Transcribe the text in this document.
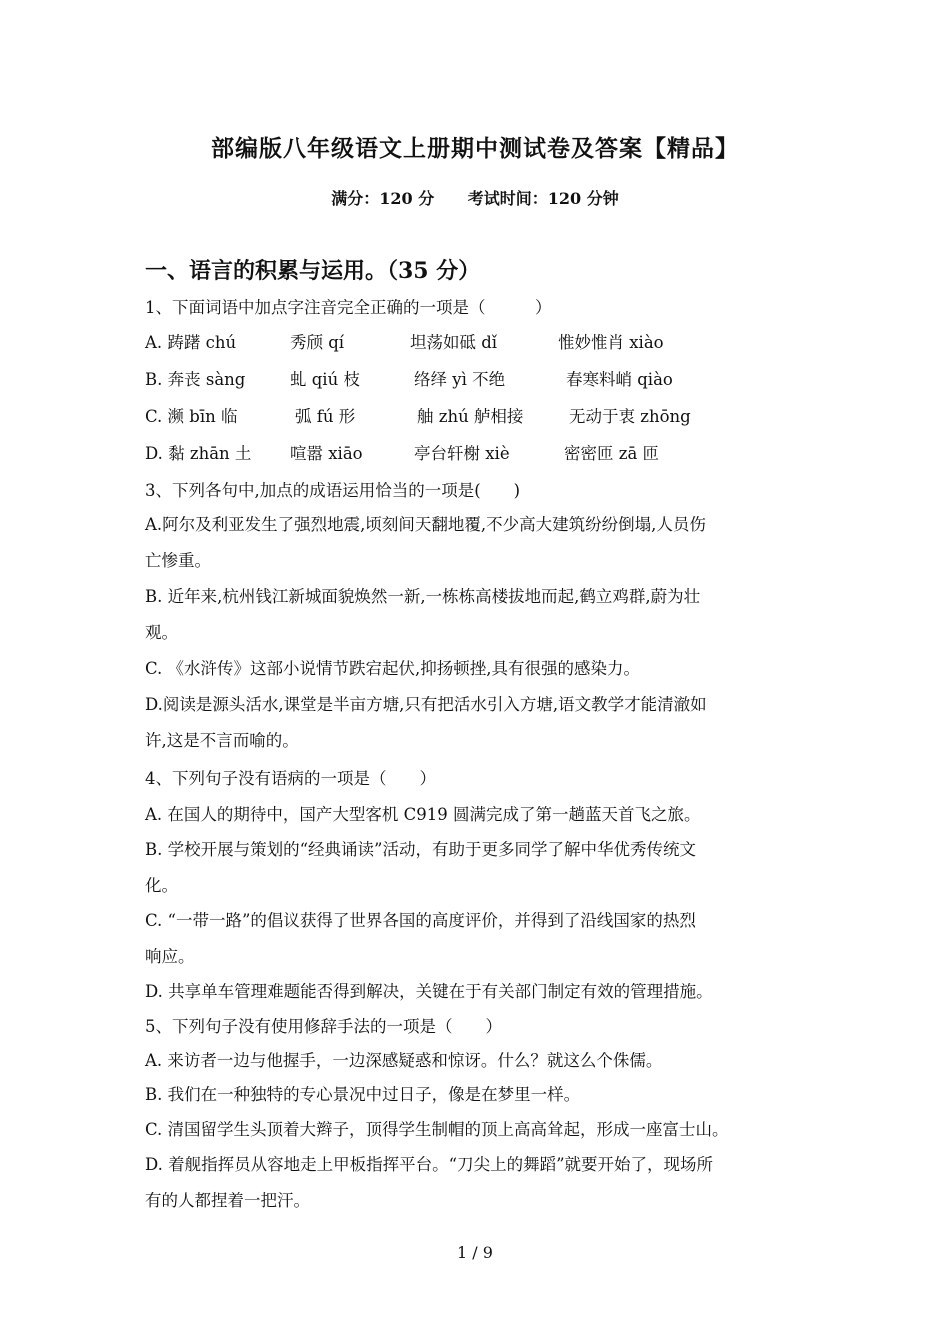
部编版八年级语文上册期中测试卷及答案【精品】
满分：120 分 考试时间：120 分钟
一、语言的积累与运用。（35 分）
1、下面词语中加点字注音完全正确的一项是（　　　）
A. 踌躇 chú	秀颀 qí	坦荡如砥 dǐ	惟妙惟肖 xiào
B. 奔丧 sàng	虬 qiú 枝	络绎 yì 不绝	春寒料峭 qiào
C. 濒 bīn 临	弧 fú 形	舳 zhú 舻相接	无动于衷 zhōng
D. 黏 zhān 土 喧嚣 xiāo	亭台轩榭 xiè	密密匝 zā 匝
3、下列各句中,加点的成语运用恰当的一项是(　　)
A.阿尔及利亚发生了强烈地震,顷刻间天翻地覆,不少高大建筑纷纷倒塌,人员伤
亡惨重。
B. 近年来,杭州钱江新城面貌焕然一新,一栋栋高楼拔地而起,鹤立鸡群,蔚为壮
观。
C. 《水浒传》这部小说情节跌宕起伏,抑扬顿挫,具有很强的感染力。
D.阅读是源头活水,课堂是半亩方塘,只有把活水引入方塘,语文教学才能清澈如
许,这是不言而喻的。
4、下列句子没有语病的一项是（　　）
A. 在国人的期待中，国产大型客机 C919 圆满完成了第一趟蓝天首飞之旅。
B. 学校开展与策划的“经典诵读”活动，有助于更多同学了解中华优秀传统文
化。
C. “一带一路”的倡议获得了世界各国的高度评价，并得到了沿线国家的热烈
响应。
D. 共享单车管理难题能否得到解决，关键在于有关部门制定有效的管理措施。
5、下列句子没有使用修辞手法的一项是（　　）
A. 来访者一边与他握手，一边深感疑惑和惊讶。什么？就这么个侏儒。
B. 我们在一种独特的专心景况中过日子，像是在梦里一样。
C. 清国留学生头顶着大辫子，顶得学生制帽的顶上高高耸起，形成一座富士山。
D. 着舰指挥员从容地走上甲板指挥平台。“刀尖上的舞蹈”就要开始了，现场所
有的人都捏着一把汗。
1 / 9
